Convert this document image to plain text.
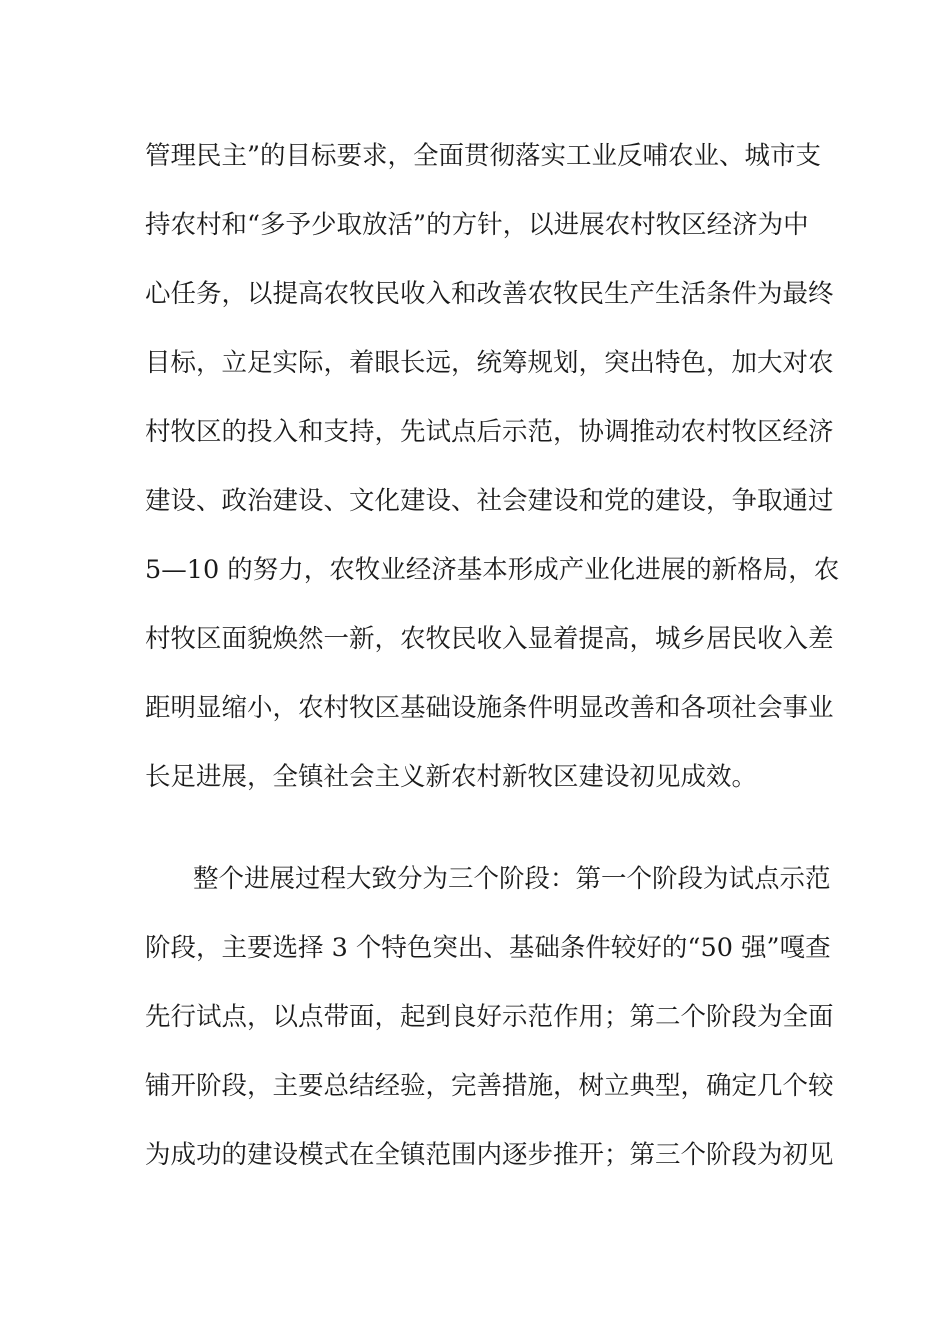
管理民主”的目标要求，全面贯彻落实工业反哺农业、城市支
持农村和“多予少取放活”的方针，以进展农村牧区经济为中
心任务，以提高农牧民收入和改善农牧民生产生活条件为最终
目标，立足实际，着眼长远，统筹规划，突出特色，加大对农
村牧区的投入和支持，先试点后示范，协调推动农村牧区经济
建设、政治建设、文化建设、社会建设和党的建设，争取通过
5—10 的努力，农牧业经济基本形成产业化进展的新格局，农
村牧区面貌焕然一新，农牧民收入显着提高，城乡居民收入差
距明显缩小，农村牧区基础设施条件明显改善和各项社会事业
长足进展，全镇社会主义新农村新牧区建设初见成效。
整个进展过程大致分为三个阶段：第一个阶段为试点示范
阶段，主要选择 3 个特色突出、基础条件较好的“50 强”嘎查
先行试点，以点带面，起到良好示范作用；第二个阶段为全面
铺开阶段，主要总结经验，完善措施，树立典型，确定几个较
为成功的建设模式在全镇范围内逐步推开；第三个阶段为初见
